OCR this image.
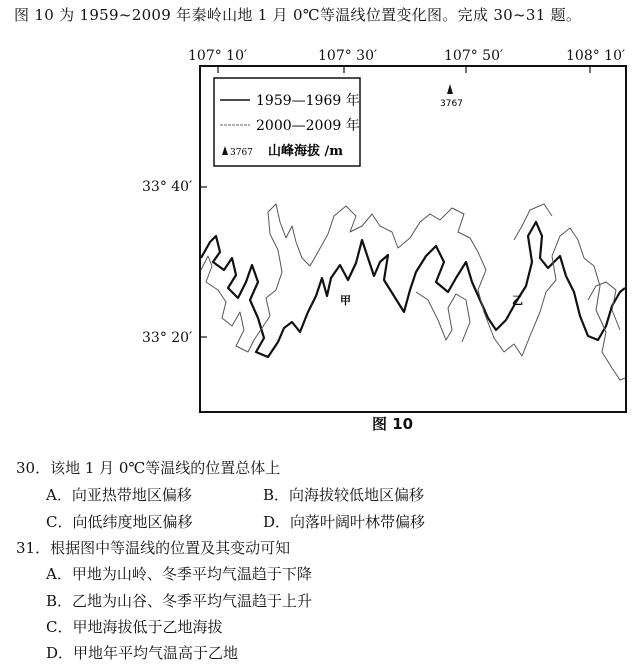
图 10 为 1959~2009 年秦岭山地 1 月 0℃等温线位置变化图。完成 30~31 题。
107° 10′	107° 30′	107° 50′	108° 10′
33° 40′
33° 20′
1959—1969 年
2000—2009 年
3767 山峰海拔 /m
3767
甲	乙
图 10
30．该地 1 月 0℃等温线的位置总体上
A．向亚热带地区偏移	B．向海拔较低地区偏移
C．向低纬度地区偏移	D．向落叶阔叶林带偏移
31．根据图中等温线的位置及其变动可知
A．甲地为山岭、冬季平均气温趋于下降
B．乙地为山谷、冬季平均气温趋于上升
C．甲地海拔低于乙地海拔
D．甲地年平均气温高于乙地
